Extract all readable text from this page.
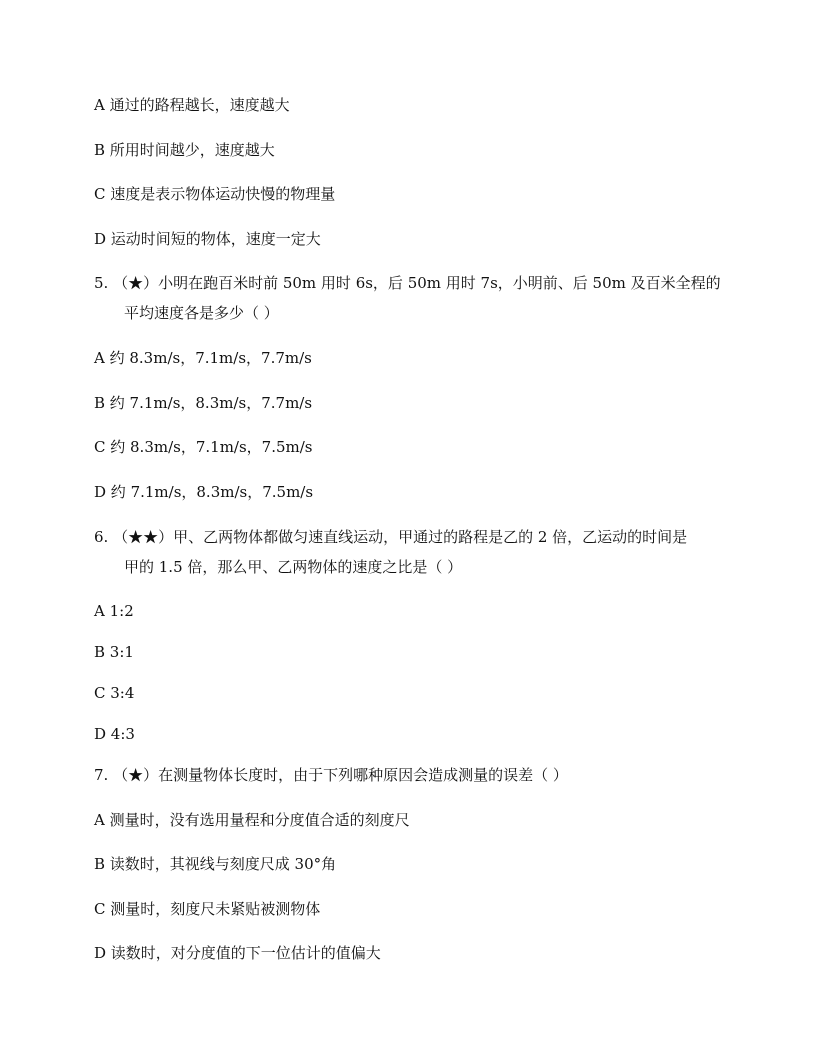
A 通过的路程越长，速度越大
B 所用时间越少，速度越大
C 速度是表示物体运动快慢的物理量
D 运动时间短的物体，速度一定大
5. （★）小明在跑百米时前 50m 用时 6s，后 50m 用时 7s，小明前、后 50m 及百米全程的
平均速度各是多少（ ）
A 约 8.3m/s，7.1m/s，7.7m/s
B 约 7.1m/s，8.3m/s，7.7m/s
C 约 8.3m/s，7.1m/s，7.5m/s
D 约 7.1m/s，8.3m/s，7.5m/s
6. （★★）甲、乙两物体都做匀速直线运动，甲通过的路程是乙的 2 倍，乙运动的时间是
甲的 1.5 倍，那么甲、乙两物体的速度之比是（ ）
A 1:2
B 3:1
C 3:4
D 4:3
7. （★）在测量物体长度时，由于下列哪种原因会造成测量的误差（ ）
A 测量时，没有选用量程和分度值合适的刻度尺
B 读数时，其视线与刻度尺成 30°角
C 测量时，刻度尺未紧贴被测物体
D 读数时，对分度值的下一位估计的值偏大
